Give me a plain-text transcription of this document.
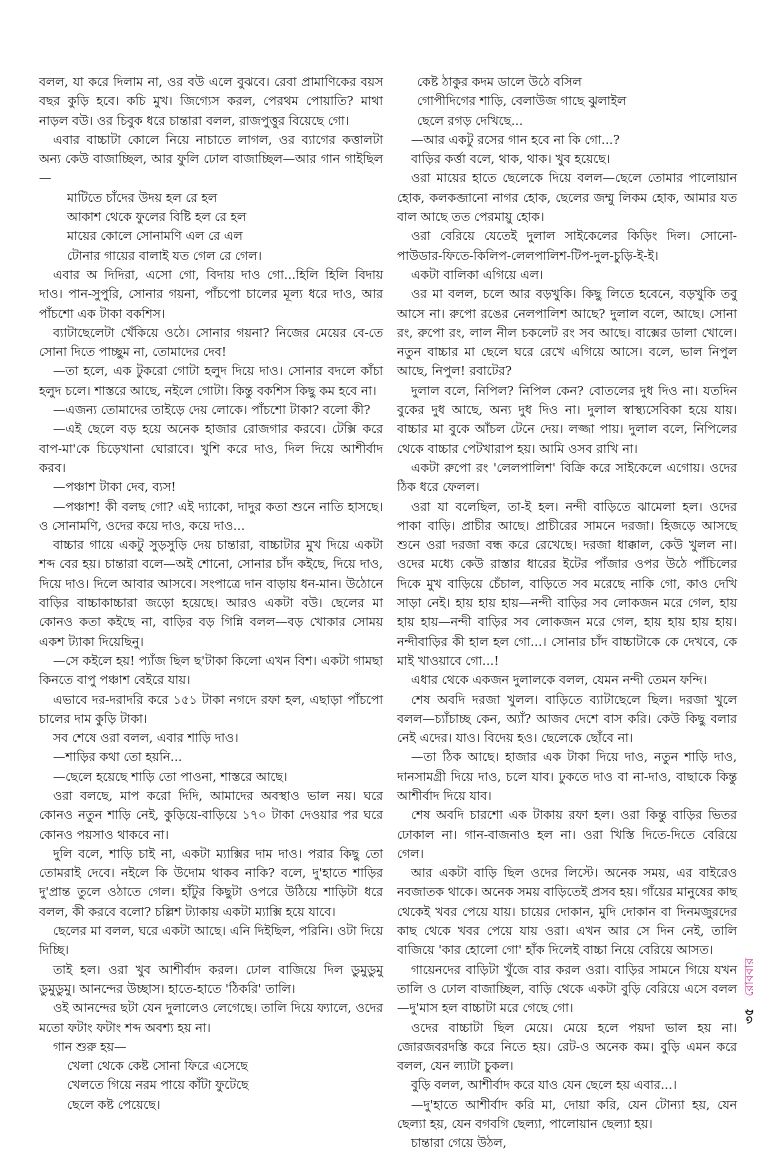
বলল, যা করে দিলাম না, ওর বউ এলে বুঝবে। রেবা প্রামাণিকের বয়স বছর কুড়ি হবে। কচি মুখ। জিগ্যেস করল, পেরথম পোয়াতি? মাথা নাড়ল বউ। ওর চিবুক ধরে চান্তারা বলল, রাজপুত্তুর বিয়েছে গো।

এবার বাচ্চাটা কোলে নিয়ে নাচাতে লাগল, ওর ব্যাগের কত্তালটা অন্য কেউ বাজাচ্ছিল, আর ফুলি ঢোল বাজাচ্ছিল—আর গান গাইছিল—

মাটিতে চাঁদের উদয় হল রে হল

আকাশ থেকে ফুলের বিষ্টি হল রে হল

মায়ের কোলে সোনামণি এল রে এল

টোনার গায়ের বালাই যত গেল রে গেল।

এবার অ দিদিরা, এসো গো, বিদায় দাও গো...হিলি হিলি বিদায় দাও। পান-সুপুরি, সোনার গয়না, পাঁচপো চালের মূল্য ধরে দাও, আর পাঁচশো এক টাকা বকশিস।

ব্যাটাছেলেটা খেঁকিয়ে ওঠে। সোনার গয়না? নিজের মেয়ের বে-তে সোনা দিতে পাচ্ছুম না, তোমাদের দেব!

—তা হলে, এক টুকরো গোটা হলুদ দিয়ে দাও। সোনার বদলে কাঁচা হলুদ চলে। শাস্তরে আছে, নইলে গোটা। কিন্তু বকশিস কিছু কম হবে না।

—এজন্য তোমাদের তাইড়ে দেয় লোকে। পাঁচশো টাকা? বলো কী?

—এই ছেলে বড় হয়ে অনেক হাজার রোজগার করবে। টেক্সি করে বাপ-মা'কে চিড়েখানা ঘোরাবে। খুশি করে দাও, দিল দিয়ে আশীর্বাদ করব।

—পঞ্চাশ টাকা দেব, ব্যস!

—পঞ্চাশ! কী বলছ গো? এই দ্যাকো, দাদুর কতা শুনে নাতি হাসছে। ও সোনামণি, ওদের কয়ে দাও, কয়ে দাও...

বাচ্চার গায়ে একটু সুড়সুড়ি দেয় চান্তারা, বাচ্চাটার মুখ দিয়ে একটা শব্দ বের হয়। চান্তারা বলে—অই শোনো, সোনার চাঁদ কইছে, দিয়ে দাও, দিয়ে দাও। দিলে আবার আসবে। সংপাত্রে দান বাড়ায় ধন-মান। উঠোনে বাড়ির বাচ্চাকাচ্চারা জড়ো হয়েছে। আরও একটা বউ। ছেলের মা কোনও কতা কইছে না, বাড়ির বড় গিন্নি বলল—বড় খোকার সোময় একশ ট্যাকা দিয়েছিনু।

—সে কইলে হয়! প্যাঁজ ছিল ছ'টাকা কিলো এখন বিশ। একটা গামছা কিনতে বাপু পঞ্চাশ বেইরে যায়।

এভাবে দর-দরাদরি করে ১৫১ টাকা নগদে রফা হল, এছাড়া পাঁচপো চালের দাম কুড়ি টাকা।

সব শেষে ওরা বলল, এবার শাড়ি দাও।

—শাড়ির কথা তো হয়নি...

—ছেলে হয়েছে শাড়ি তো পাওনা, শাস্তরে আছে।

ওরা বলছে, মাপ করো দিদি, আমাদের অবস্থাও ভাল নয়। ঘরে কোনও নতুন শাড়ি নেই, কুড়িয়ে-বাড়িয়ে ১৭০ টাকা দেওয়ার পর ঘরে কোনও পয়সাও থাকবে না।

দুলি বলে, শাড়ি চাই না, একটা ম্যাক্সির দাম দাও। পরার কিছু তো তোমরাই দেবে। নইলে কি উদোম থাকব নাকি? বলে, দু'হাতে শাড়ির দু'প্রান্ত তুলে ওঠাতে গেল। হাঁটুর কিছুটা ওপরে উঠিয়ে শাড়িটা ধরে বলল, কী করবে বলো? চল্লিশ ট্যাকায় একটা ম্যাক্সি হয়ে যাবে।

ছেলের মা বলল, ঘরে একটা আছে। এনি দিইছিল, পরিনি। ওটা দিয়ে দিচ্ছি।

তাই হল। ওরা খুব আশীর্বাদ করল। ঢোল বাজিয়ে দিল ডুমুডুমু ডুমুডুমু। আনন্দের উচ্ছাস। হাতে-হাতে 'ঠিকরি' তালি।

ওই আনন্দের ছটা যেন দুলালেও লেগেছে। তালি দিয়ে ফ্যালে, ওদের মতো ফটাং ফটাং শব্দ অবশ্য হয় না।

গান শুরু হয়—

খেলা থেকে কেষ্ট সোনা ফিরে এসেছে

খেলতে গিয়ে নরম পায়ে কাঁটা ফুটেছে

ছেলে কষ্ট পেয়েছে।

কেষ্ট ঠাকুর কদম ডালে উঠে বসিল

গোপীদিগের শাড়ি, বেলাউজ গাছে ঝুলাইল

ছেলে রগড় দেখিছে...

—আর একটু রসের গান হবে না কি গো...?

বাড়ির কর্ত্তা বলে, থাক, থাক। খুব হয়েছে।

ওরা মায়ের হাতে ছেলেকে দিয়ে বলল—ছেলে তোমার পালোয়ান হোক, কলকব্জানো নাগর হোক, ছেলের জম্মু লিকম হোক, আমার যত বাল আছে তত পেরমায়ু হোক।

ওরা বেরিয়ে যেতেই দুলাল সাইকেলের কিড়িং দিল। সোনো-পাউডার-ফিতে-কিলিপ-লেলপালিশ-টিপ-দুল-চুড়ি-ই-ই।

একটা বালিকা এগিয়ে এল।

ওর মা বলল, চলে আর বড়খুকি। কিছু লিতে হবেনে, বড়খুকি তবু আসে না। রুপো রঙের নেলপালিশ আছে? দুলাল বলে, আছে। সোনা রং, রুপো রং, লাল নীল চকলেট রং সব আছে। বাক্সের ডালা খোলে। নতুন বাচ্চার মা ছেলে ঘরে রেখে এগিয়ে আসে। বলে, ভাল নিপুল আছে, নিপুল! রবাটের?

দুলাল বলে, নিপিল? নিপিল কেন? বোতলের দুধ দিও না। যতদিন বুকের দুধ আছে, অন্য দুধ দিও না। দুলাল স্বাস্থ্যসেবিকা হয়ে যায়। বাচ্চার মা বুকে আঁচল টেনে দেয়। লজ্জা পায়। দুলাল বলে, নিপিলের থেকে বাচ্চার পেটখারাপ হয়। আমি ওসব রাখি না।

একটা রুপো রং 'লেলপালিশ' বিক্রি করে সাইকেলে এগোয়। ওদের ঠিক ধরে ফেলল।

ওরা যা বলেছিল, তা-ই হল। নন্দী বাড়িতে ঝামেলা হল। ওদের পাকা বাড়ি। প্রাচীর আছে। প্রাচীরের সামনে দরজা। হিজড়ে আসছে শুনে ওরা দরজা বন্ধ করে রেখেছে। দরজা ধাক্কাল, কেউ খুলল না। ওদের মধ্যে কেউ রাস্তার ধারের ইটের পাঁজার ওপর উঠে পাঁচিলের দিকে মুখ বাড়িয়ে চেঁচাল, বাড়িতে সব মরেছে নাকি গো, কাও দেখি সাড়া নেই। হায় হায় হায়—নন্দী বাড়ির সব লোকজন মরে গেল, হায় হায় হায়—নন্দী বাড়ির সব লোকজন মরে গেল, হায় হায় হায় হায়। নন্দীবাড়ির কী হাল হল গো...। সোনার চাঁদ বাচ্চাটাকে কে দেখবে, কে মাই খাওয়াবে গো...!

এধার থেকে একজন দুলালকে বলল, যেমন নন্দী তেমন ফন্দি।

শেষ অবদি দরজা খুলল। বাড়িতে ব্যাটাছেলে ছিল। দরজা খুলে বলল—চ্যাঁচাচ্ছ কেন, অ্যাঁ? আজব দেশে বাস করি। কেউ কিছু বলার নেই এদের। যাও। বিদেয় হও। ছেলেকে ছোঁবে না।

—তা ঠিক আছে। হাজার এক টাকা দিয়ে দাও, নতুন শাড়ি দাও, দানসামগ্রী দিয়ে দাও, চলে যাব। ঢুকতে দাও বা না-দাও, বাছাকে কিন্তু আশীর্বাদ দিয়ে যাব।

শেষ অবদি চারশো এক টাকায় রফা হল। ওরা কিন্তু বাড়ির ভিতর ঢোকাল না। গান-বাজনাও হল না। ওরা খিস্তি দিতে-দিতে বেরিয়ে গেল।

আর একটা বাড়ি ছিল ওদের লিস্টে। অনেক সময়, এর বাইরেও নবজাতক থাকে। অনেক সময় বাড়িতেই প্রসব হয়। গাঁয়ের মানুষের কাছ থেকেই খবর পেয়ে যায়। চায়ের দোকান, মুদি দোকান বা দিনমজুরদের কাছ থেকে খবর পেয়ে যায় ওরা। এখন আর সে দিন নেই, তালি বাজিয়ে 'কার হোলো গো' হাঁক দিলেই বাচ্চা নিয়ে বেরিয়ে আসত।

গায়েনদের বাড়িটা খুঁজে বার করল ওরা। বাড়ির সামনে গিয়ে যখন তালি ও ঢোল বাজাচ্ছিল, বাড়ি থেকে একটা বুড়ি বেরিয়ে এসে বলল—দু'মাস হল বাচ্চাটা মরে গেছে গো।

ওদের বাচ্চাটা ছিল মেয়ে। মেয়ে হলে পয়দা ভাল হয় না। জোরজবরদস্তি করে নিতে হয়। রেট-ও অনেক কম। বুড়ি এমন করে বলল, যেন ল্যাটা চুকল।

বুড়ি বলল, আশীর্বাদ করে যাও যেন ছেলে হয় এবার...।

—দু'হাতে আশীর্বাদ করি মা, দোয়া করি, যেন টোন্যা হয়, যেন ছেল্যা হয়, যেন বগবগি ছেল্যা, পালোয়ান ছেল্যা হয়।

চান্তারা গেয়ে উঠল,

৩৫ রোববার
